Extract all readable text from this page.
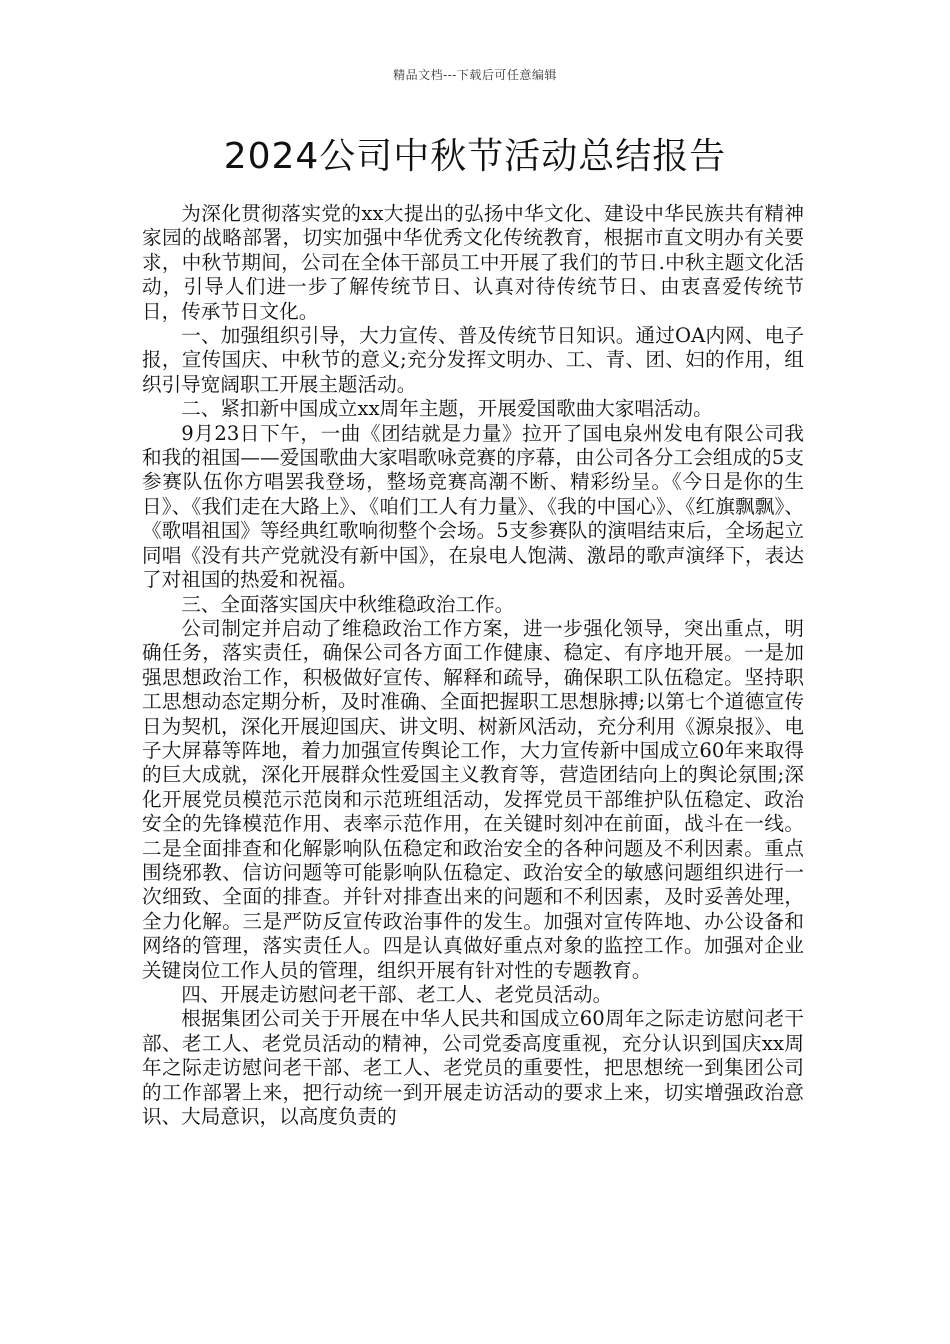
精品文档---下载后可任意编辑
2024公司中秋节活动总结报告

为深化贯彻落实党的xx大提出的弘扬中华文化、建设中华民族共有精神家园的战略部署，切实加强中华优秀文化传统教育，根据市直文明办有关要求，中秋节期间，公司在全体干部员工中开展了我们的节日.中秋主题文化活动，引导人们进一步了解传统节日、认真对待传统节日、由衷喜爱传统节日，传承节日文化。

一、加强组织引导，大力宣传、普及传统节日知识。通过OA内网、电子报，宣传国庆、中秋节的意义;充分发挥文明办、工、青、团、妇的作用，组织引导宽阔职工开展主题活动。

二、紧扣新中国成立xx周年主题，开展爱国歌曲大家唱活动。

9月23日下午，一曲《团结就是力量》拉开了国电泉州发电有限公司我和我的祖国——爱国歌曲大家唱歌咏竞赛的序幕，由公司各分工会组成的5支参赛队伍你方唱罢我登场，整场竞赛高潮不断、精彩纷呈。《今日是你的生日》、《我们走在大路上》、《咱们工人有力量》、《我的中国心》、《红旗飘飘》、《歌唱祖国》等经典红歌响彻整个会场。5支参赛队的演唱结束后，全场起立同唱《没有共产党就没有新中国》，在泉电人饱满、激昂的歌声演绎下，表达了对祖国的热爱和祝福。

三、全面落实国庆中秋维稳政治工作。

公司制定并启动了维稳政治工作方案，进一步强化领导，突出重点，明确任务，落实责任，确保公司各方面工作健康、稳定、有序地开展。一是加强思想政治工作，积极做好宣传、解释和疏导，确保职工队伍稳定。坚持职工思想动态定期分析，及时准确、全面把握职工思想脉搏;以第七个道德宣传日为契机，深化开展迎国庆、讲文明、树新风活动，充分利用《源泉报》、电子大屏幕等阵地，着力加强宣传舆论工作，大力宣传新中国成立60年来取得的巨大成就，深化开展群众性爱国主义教育等，营造团结向上的舆论氛围;深化开展党员模范示范岗和示范班组活动，发挥党员干部维护队伍稳定、政治安全的先锋模范作用、表率示范作用，在关键时刻冲在前面，战斗在一线。二是全面排查和化解影响队伍稳定和政治安全的各种问题及不利因素。重点围绕邪教、信访问题等可能影响队伍稳定、政治安全的敏感问题组织进行一次细致、全面的排查。并针对排查出来的问题和不利因素，及时妥善处理，全力化解。三是严防反宣传政治事件的发生。加强对宣传阵地、办公设备和网络的管理，落实责任人。四是认真做好重点对象的监控工作。加强对企业关键岗位工作人员的管理，组织开展有针对性的专题教育。

四、开展走访慰问老干部、老工人、老党员活动。

根据集团公司关于开展在中华人民共和国成立60周年之际走访慰问老干部、老工人、老党员活动的精神，公司党委高度重视，充分认识到国庆xx周年之际走访慰问老干部、老工人、老党员的重要性，把思想统一到集团公司的工作部署上来，把行动统一到开展走访活动的要求上来，切实增强政治意识、大局意识，以高度负责的
